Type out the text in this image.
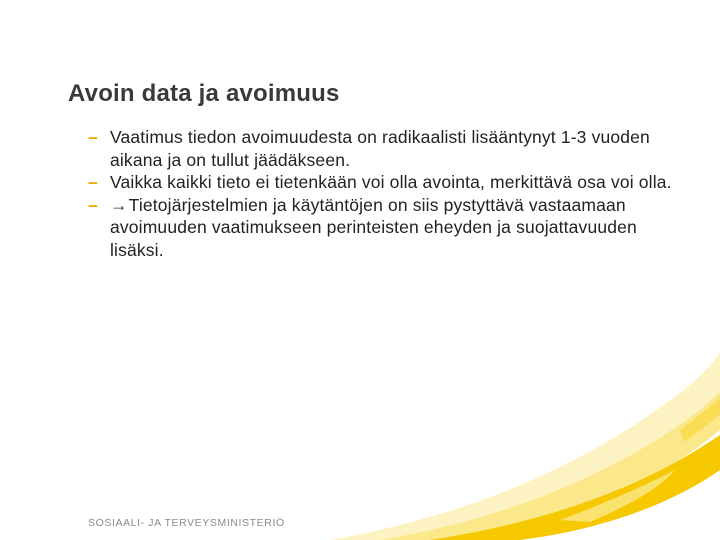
Avoin data ja avoimuus
– Vaatimus tiedon avoimuudesta on radikaalisti lisääntynyt 1-3 vuoden aikana ja on tullut jäädäkseen.
– Vaikka kaikki tieto ei tietenkään voi olla avointa, merkittävä osa voi olla.
– →Tietojärjestelmien ja käytäntöjen on siis pystyttävä vastaamaan avoimuuden vaatimukseen perinteisten eheyden ja suojattavuuden lisäksi.
SOSIAALI- JA TERVEYSMINISTERIÖ
